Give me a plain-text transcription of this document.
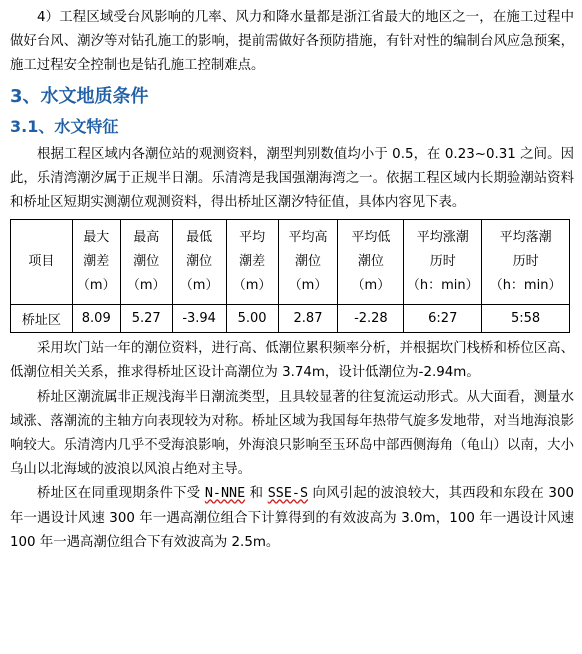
4）工程区域受台风影响的几率、风力和降水量都是浙江省最大的地区之一，在施工过程中做好台风、潮汐等对钻孔施工的影响，提前需做好各预防措施，有针对性的编制台风应急预案，施工过程安全控制也是钻孔施工控制难点。

3、水文地质条件
3.1、水文特征

根据工程区域内各潮位站的观测资料，潮型判别数值均小于 0.5，在 0.23~0.31 之间。因此，乐清湾潮汐属于正规半日潮。乐清湾是我国强潮海湾之一。依据工程区域内长期验潮站资料和桥址区短期实测潮位观测资料，得出桥址区潮汐特征值，具体内容见下表。

项目	最大
潮差
（m）	最高
潮位
（m）	最低
潮位
（m）	平均
潮差
（m）	平均高
潮位
（m）	平均低
潮位
（m）	平均涨潮
历时
（h：min）	平均落潮
历时
（h：min）

桥址区	8.09	5.27	-3.94	5.00	2.87	-2.28	6:27	5:58

采用坎门站一年的潮位资料，进行高、低潮位累积频率分析，并根据坎门栈桥和桥位区高、低潮位相关关系，推求得桥址区设计高潮位为 3.74m，设计低潮位为-2.94m。

桥址区潮流属非正规浅海半日潮流类型，且具较显著的往复流运动形式。从大面看，测量水域涨、落潮流的主轴方向表现较为对称。桥址区域为我国每年热带气旋多发地带，对当地海浪影响较大。乐清湾内几乎不受海浪影响，外海浪只影响至玉环岛中部西侧海角（龟山）以南，大小乌山以北海域的波浪以风浪占绝对主导。

桥址区在同重现期条件下受 N-NNE 和 SSE-S 向风引起的波浪较大，其西段和东段在 300 年一遇设计风速 300 年一遇高潮位组合下计算得到的有效波高为 3.0m，100 年一遇设计风速 100 年一遇高潮位组合下有效波高为 2.5m。
